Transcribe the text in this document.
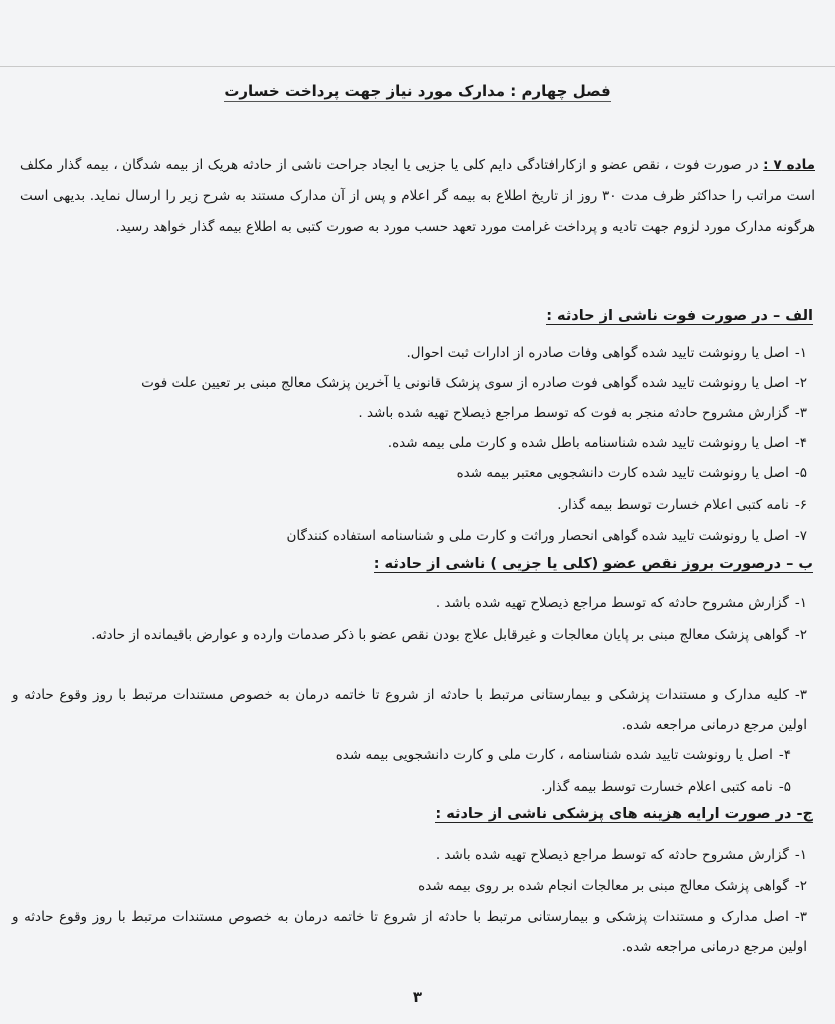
فصل چهارم : مدارک مورد نیاز جهت پرداخت خسارت
ماده ۷ : در صورت فوت ، نقص عضو و ازکارافتادگی دایم کلی یا جزیی یا ایجاد جراحت ناشی از حادثه هریک از بیمه شدگان ، بیمه گذار مکلف است مراتب را حداکثر ظرف مدت ۳۰ روز از تاریخ اطلاع به بیمه گر اعلام و پس از آن مدارک مستند به شرح زیر را ارسال نماید. بدیهی است هرگونه مدارک مورد لزوم جهت تادیه و پرداخت غرامت مورد تعهد حسب مورد به صورت کتبی به اطلاع بیمه گذار خواهد رسید.
الف – در صورت فوت ناشی از حادثه :
۱-اصل یا رونوشت تایید شده گواهی وفات صادره از ادارات ثبت احوال.
۲-اصل یا رونوشت تایید شده گواهی فوت صادره از سوی پزشک قانونی یا آخرین پزشک معالج مبنی بر تعیین علت فوت
۳-گزارش مشروح حادثه منجر به فوت که توسط مراجع ذیصلاح تهیه شده باشد .
۴-اصل یا رونوشت تایید شده شناسنامه باطل شده و کارت ملی بیمه شده.
۵-اصل یا رونوشت تایید شده کارت دانشجویی معتبر بیمه شده
۶-نامه کتبی اعلام خسارت توسط بیمه گذار.
۷-اصل یا رونوشت تایید شده گواهی انحصار وراثت و کارت ملی و شناسنامه استفاده کنندگان
ب – درصورت بروز نقص عضو (کلی یا جزیی ) ناشی از حادثه :
۱-گزارش مشروح حادثه که توسط مراجع ذیصلاح تهیه شده باشد .
۲-گواهی پزشک معالج مبنی بر پایان معالجات و غیرقابل علاج بودن نقص عضو با ذکر صدمات وارده و عوارض باقیمانده از حادثه.
۳-کلیه مدارک و مستندات پزشکی و بیمارستانی مرتبط با حادثه از شروع تا خاتمه درمان به خصوص مستندات مرتبط با روز وقوع حادثه و اولین مرجع درمانی مراجعه شده.
۴-اصل یا رونوشت تایید شده شناسنامه ، کارت ملی و کارت دانشجویی بیمه شده
۵-نامه کتبی اعلام خسارت توسط بیمه گذار.
ج- در صورت ارایه هزینه های پزشکی ناشی از حادثه :
۱-گزارش مشروح حادثه که توسط مراجع ذیصلاح تهیه شده باشد .
۲-گواهی پزشک معالج مبنی بر معالجات انجام شده بر روی بیمه شده
۳-اصل مدارک و مستندات پزشکی و بیمارستانی مرتبط با حادثه از شروع تا خاتمه درمان به خصوص مستندات مرتبط با روز وقوع حادثه و اولین مرجع درمانی مراجعه شده.
۳
